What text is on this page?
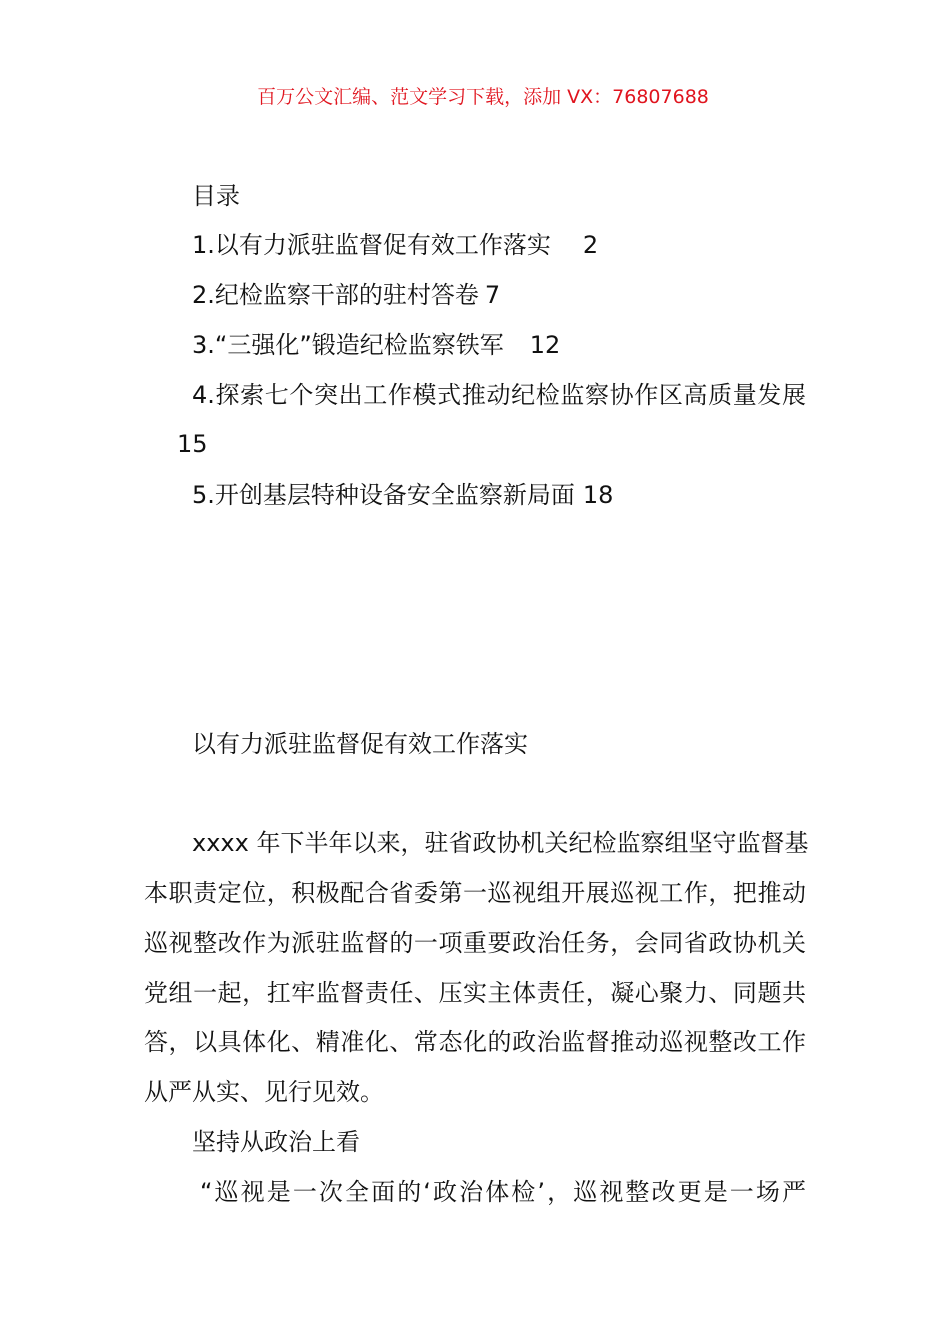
百万公文汇编、范文学习下载，添加 VX：76807688
目录
1.以有力派驻监督促有效工作落实 2
2.纪检监察干部的驻村答卷 7
3.“三强化”锻造纪检监察铁军 12
4.探索七个突出工作模式推动纪检监察协作区高质量发展
15
5.开创基层特种设备安全监察新局面 18
以有力派驻监督促有效工作落实
xxxx 年下半年以来，驻省政协机关纪检监察组坚守监督基
本职责定位，积极配合省委第一巡视组开展巡视工作，把推动
巡视整改作为派驻监督的一项重要政治任务，会同省政协机关
党组一起，扛牢监督责任、压实主体责任，凝心聚力、同题共
答，以具体化、精准化、常态化的政治监督推动巡视整改工作
从严从实、见行见效。
坚持从政治上看
“巡视是一次全面的‘政治体检’，巡视整改更是一场严
